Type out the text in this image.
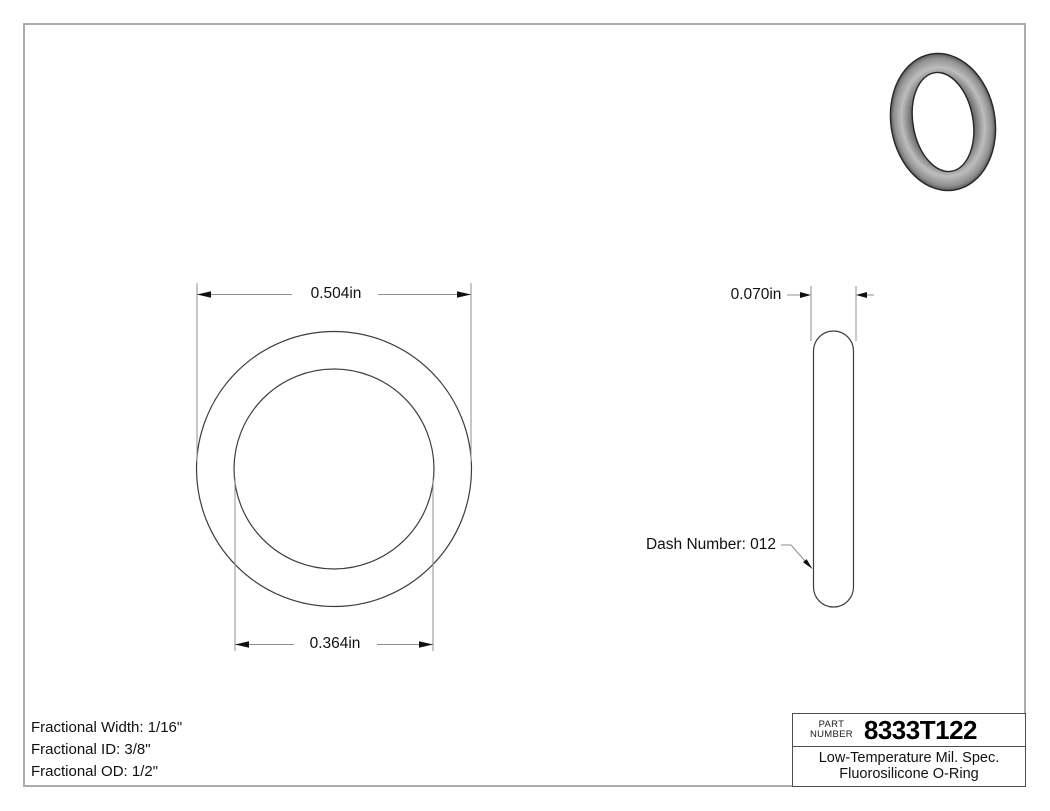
0.504in
0.364in
0.070in
Dash Number: 012
Fractional Width: 1/16"
Fractional ID: 3/8"
Fractional OD: 1/2"
PART
NUMBER 8333T122
Low-Temperature Mil. Spec.
Fluorosilicone O-Ring
